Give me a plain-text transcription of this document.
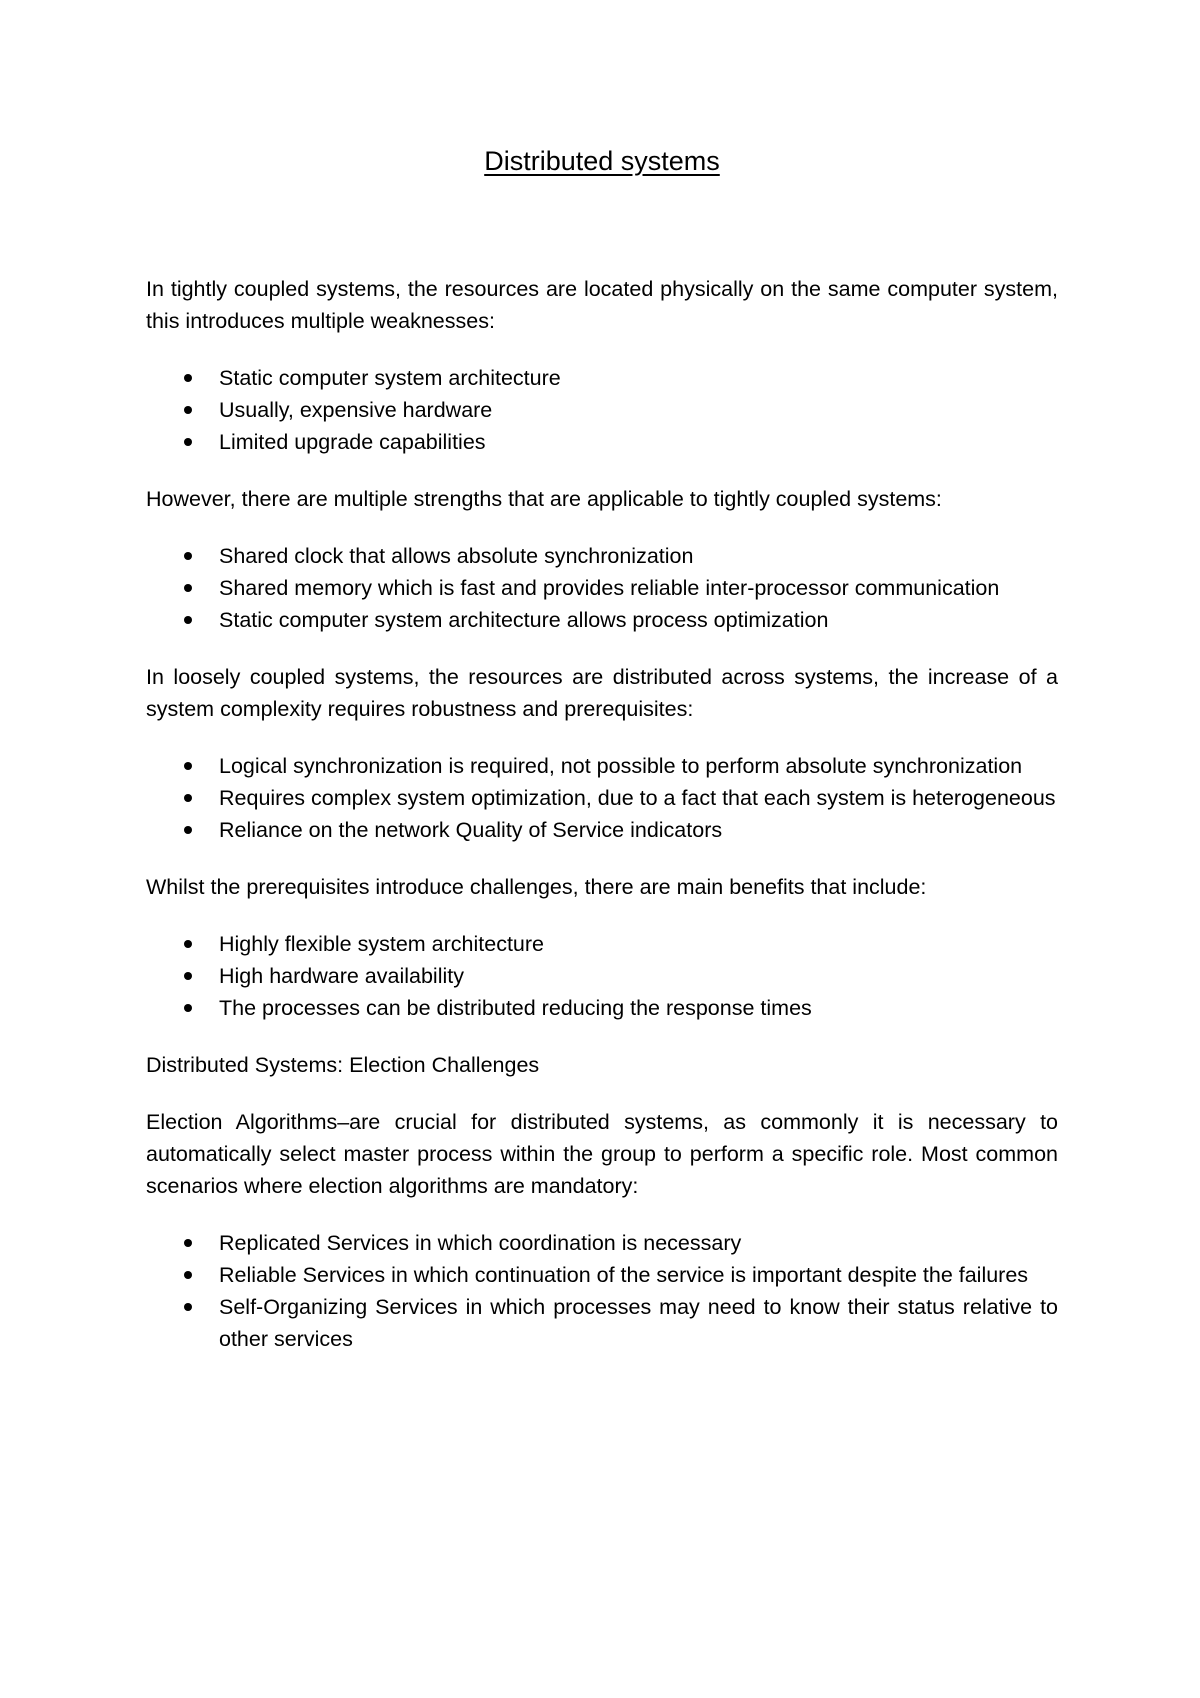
Distributed systems

In tightly coupled systems, the resources are located physically on the same computer system, this introduces multiple weaknesses:

Static computer system architecture
Usually, expensive hardware
Limited upgrade capabilities

However, there are multiple strengths that are applicable to tightly coupled systems:

Shared clock that allows absolute synchronization
Shared memory which is fast and provides reliable inter-processor communication
Static computer system architecture allows process optimization

In loosely coupled systems, the resources are distributed across systems, the increase of a system complexity requires robustness and prerequisites:

Logical synchronization is required, not possible to perform absolute synchronization
Requires complex system optimization, due to a fact that each system is heterogeneous
Reliance on the network Quality of Service indicators

Whilst the prerequisites introduce challenges, there are main benefits that include:

Highly flexible system architecture
High hardware availability
The processes can be distributed reducing the response times

Distributed Systems: Election Challenges

Election Algorithms–are crucial for distributed systems, as commonly it is necessary to automatically select master process within the group to perform a specific role. Most common scenarios where election algorithms are mandatory:

Replicated Services in which coordination is necessary
Reliable Services in which continuation of the service is important despite the failures
Self-Organizing Services in which processes may need to know their status relative to other services
